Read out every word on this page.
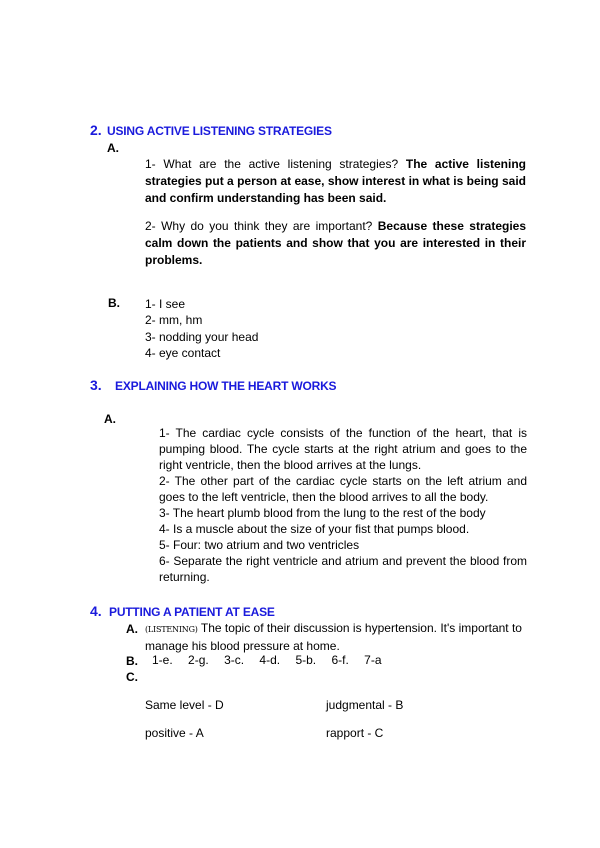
2. USING ACTIVE LISTENING STRATEGIES
A.
1- What are the active listening strategies? The active listening strategies put a person at ease, show interest in what is being said and confirm understanding has been said.
2- Why do you think they are important? Because these strategies calm down the patients and show that you are interested in their problems.
B. 1- I see
2- mm, hm
3- nodding your head
4- eye contact
3. EXPLAINING HOW THE HEART WORKS
A.
1- The cardiac cycle consists of the function of the heart, that is pumping blood. The cycle starts at the right atrium and goes to the right ventricle, then the blood arrives at the lungs.
2- The other part of the cardiac cycle starts on the left atrium and goes to the left ventricle, then the blood arrives to all the body.
3- The heart plumb blood from the lung to the rest of the body
4- Is a muscle about the size of your fist that pumps blood.
5- Four: two atrium and two ventricles
6- Separate the right ventricle and atrium and prevent the blood from returning.
4. PUTTING A PATIENT AT EASE
A. (LISTENING) The topic of their discussion is hypertension. It's important to manage his blood pressure at home.
B. 1-e. 2-g. 3-c. 4-d. 5-b. 6-f. 7-a
C.
Same level - D	judgmental - B
positive - A	rapport - C
